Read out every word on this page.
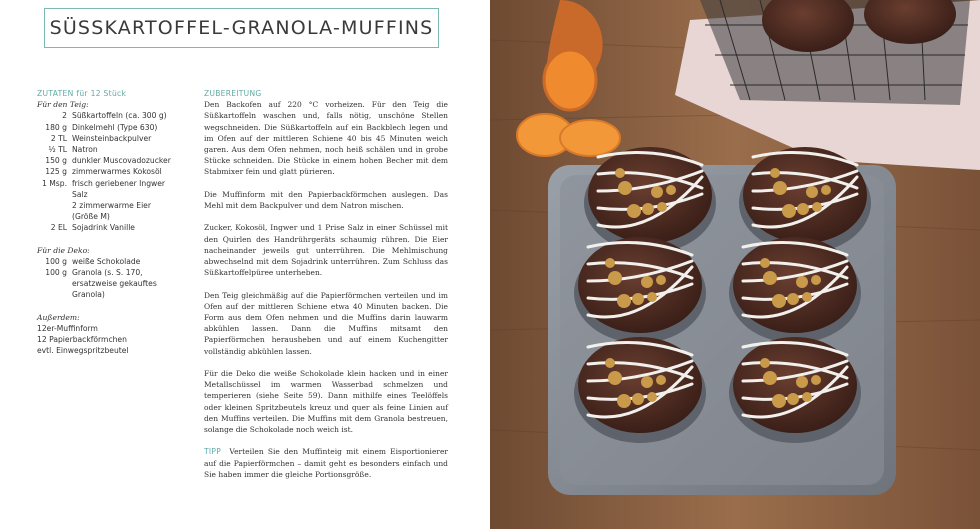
SÜSSKARTOFFEL-GRANOLA-MUFFINS
ZUTATEN für 12 Stück
Für den Teig:
2 Süßkartoffeln (ca. 300 g)
180 g Dinkelmehl (Type 630)
2 TL Weinsteinbackpulver
½ TL Natron
150 g dunkler Muscovadozucker
125 g zimmerwarmes Kokosöl
1 Msp. frisch geriebener Ingwer
Salz
2 zimmerwarme Eier
(Größe M)
2 EL Sojadrink Vanille
Für die Deko:
100 g weiße Schokolade
100 g Granola (s. S. 170,
ersatzweise gekauftes
Granola)
Außerdem:
12er-Muffinform
12 Papierbackförmchen
evtl. Einwegspritzbeutel
ZUBEREITUNG

Den Backofen auf 220 °C vorheizen. Für den Teig die Süßkartoffeln waschen und, falls nötig, unschöne Stellen wegschneiden. Die Süßkartoffeln auf ein Backblech legen und im Ofen auf der mittleren Schiene 40 bis 45 Minuten weich garen. Aus dem Ofen nehmen, noch heiß schälen und in grobe Stücke schneiden. Die Stücke in einem hohen Becher mit dem Stabmixer fein und glatt pürieren.

Die Muffinform mit den Papierbackförmchen auslegen. Das Mehl mit dem Backpulver und dem Natron mischen.

Zucker, Kokosöl, Ingwer und 1 Prise Salz in einer Schüssel mit den Quirlen des Handrührgeräts schaumig rühren. Die Eier nacheinander jeweils gut unterrühren. Die Mehlmischung abwechselnd mit dem Sojadrink unterrühren. Zum Schluss das Süßkartoffelpüree unterheben.

Den Teig gleichmäßig auf die Papierförmchen verteilen und im Ofen auf der mittleren Schiene etwa 40 Minuten backen. Die Form aus dem Ofen nehmen und die Muffins darin lauwarm abkühlen lassen. Dann die Muffins mitsamt den Papierförmchen herausheben und auf einem Kuchengitter vollständig abkühlen lassen.

Für die Deko die weiße Schokolade klein hacken und in einer Metallschüssel im warmen Wasserbad schmelzen und temperieren (siehe Seite 59). Dann mithilfe eines Teelöffels oder kleinen Spritzbeutels kreuz und quer als feine Linien auf den Muffins verteilen. Die Muffins mit dem Granola bestreuen, solange die Schokolade noch weich ist.

TIPP Verteilen Sie den Muffinteig mit einem Eisportionierer auf die Papierförmchen – damit geht es besonders einfach und Sie haben immer die gleiche Portionsgröße.
